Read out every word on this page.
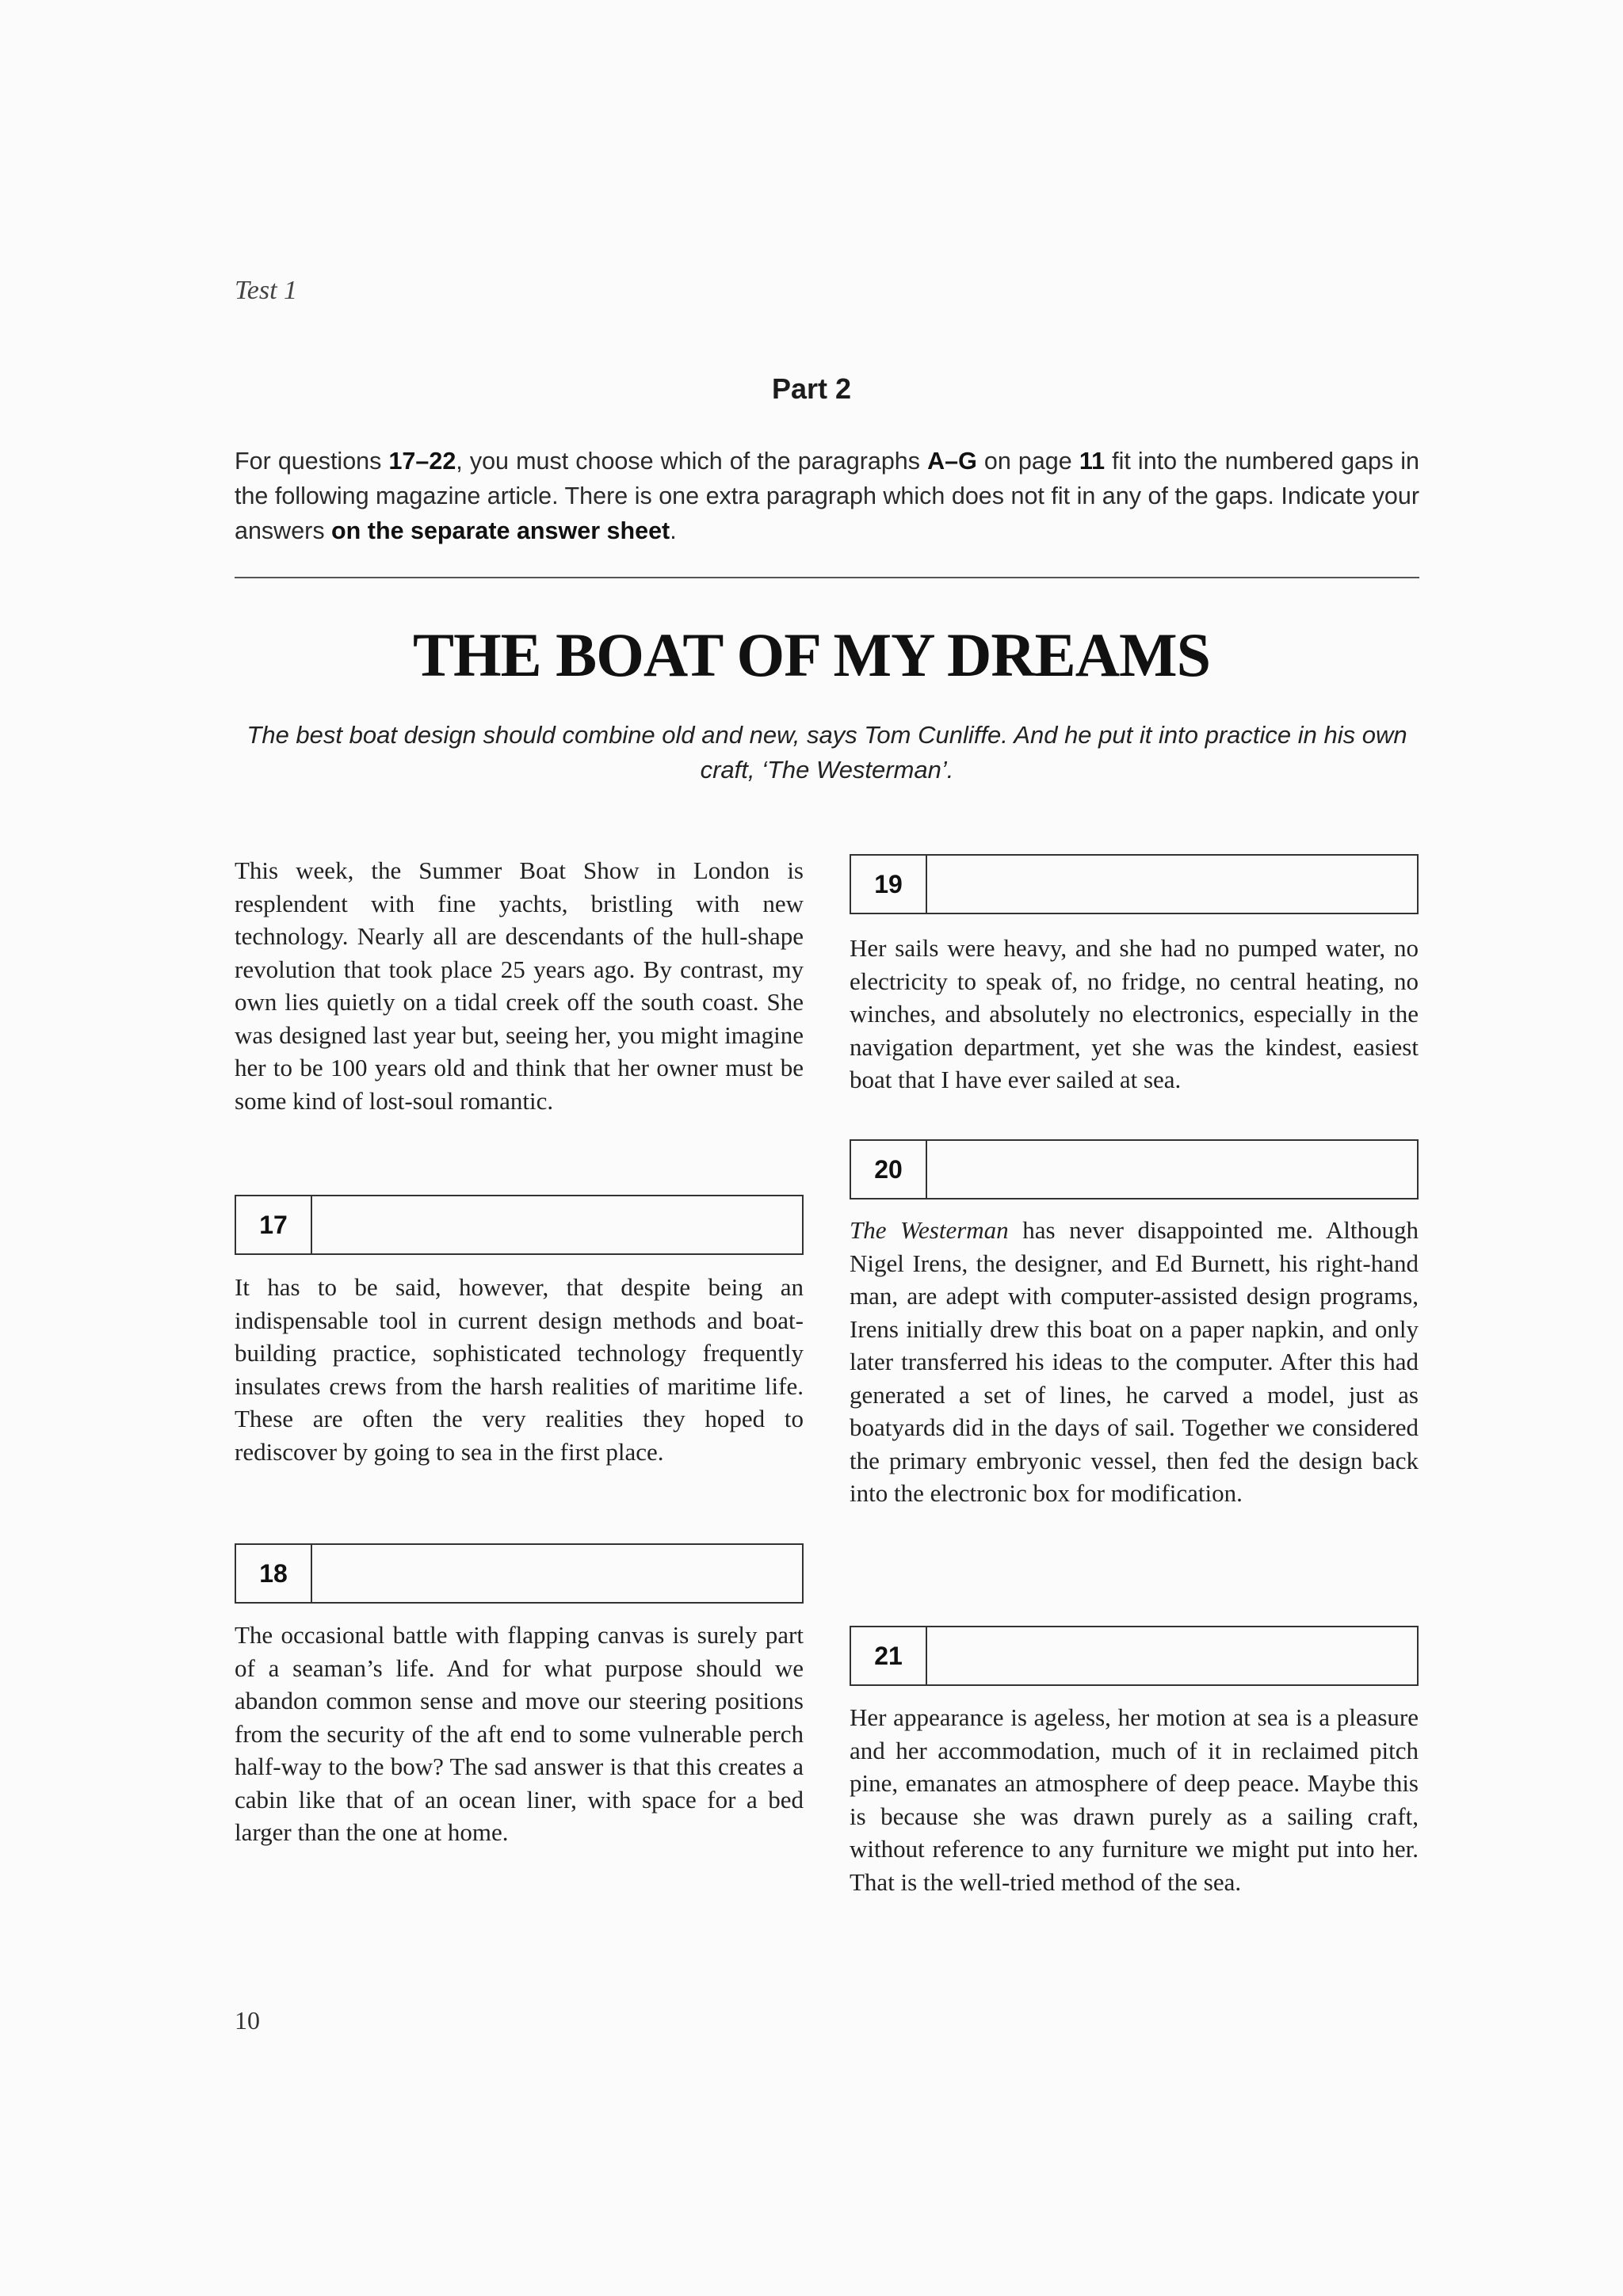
Test 1
Part 2
For questions 17–22, you must choose which of the paragraphs A–G on page 11 fit into the numbered gaps in the following magazine article. There is one extra paragraph which does not fit in any of the gaps. Indicate your answers on the separate answer sheet.
THE BOAT OF MY DREAMS
The best boat design should combine old and new, says Tom Cunliffe. And he put it into practice in his own craft, ‘The Westerman’.
This week, the Summer Boat Show in London is resplendent with fine yachts, bristling with new technology. Nearly all are descendants of the hull-shape revolution that took place 25 years ago. By contrast, my own lies quietly on a tidal creek off the south coast. She was designed last year but, seeing her, you might imagine her to be 100 years old and think that her owner must be some kind of lost-soul romantic.
17
It has to be said, however, that despite being an indispensable tool in current design methods and boat-building practice, sophisticated technology frequently insulates crews from the harsh realities of maritime life. These are often the very realities they hoped to rediscover by going to sea in the first place.
18
The occasional battle with flapping canvas is surely part of a seaman’s life. And for what purpose should we abandon common sense and move our steering positions from the security of the aft end to some vulnerable perch half-way to the bow? The sad answer is that this creates a cabin like that of an ocean liner, with space for a bed larger than the one at home.
19
Her sails were heavy, and she had no pumped water, no electricity to speak of, no fridge, no central heating, no winches, and absolutely no electronics, especially in the navigation department, yet she was the kindest, easiest boat that I have ever sailed at sea.
20
The Westerman has never disappointed me. Although Nigel Irens, the designer, and Ed Burnett, his right-hand man, are adept with computer-assisted design programs, Irens initially drew this boat on a paper napkin, and only later transferred his ideas to the computer. After this had generated a set of lines, he carved a model, just as boatyards did in the days of sail. Together we considered the primary embryonic vessel, then fed the design back into the electronic box for modification.
21
Her appearance is ageless, her motion at sea is a pleasure and her accommodation, much of it in reclaimed pitch pine, emanates an atmosphere of deep peace. Maybe this is because she was drawn purely as a sailing craft, without reference to any furniture we might put into her. That is the well-tried method of the sea.
10
